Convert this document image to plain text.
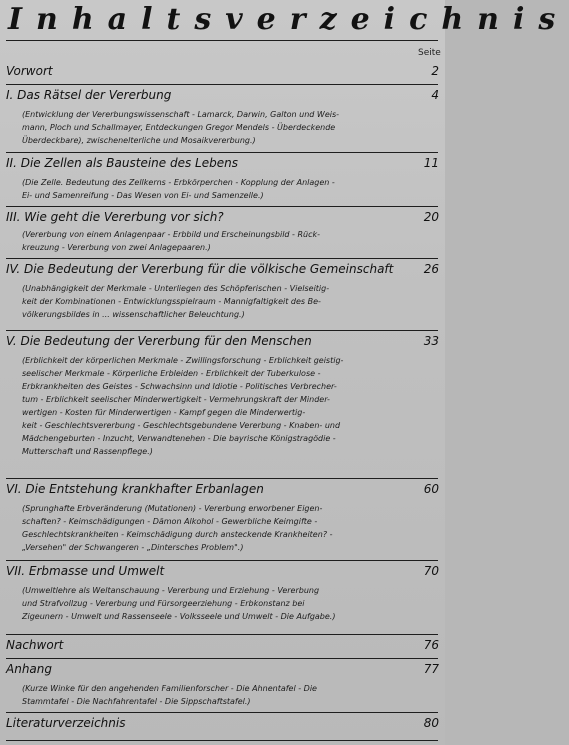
Inhaltsverzeichnis
Seite
Vorwort	2
I. Das Rätsel der Vererbung	4
(Entwicklung der Vererbungswissenschaft - Lamarck, Darwin, Galton und Weis-
mann, Ploch und Schallmayer, Entdeckungen Gregor Mendels - Überdeckende
Überdeckbare), zwischenelterliche und Mosaikvererbung.)
II. Die Zellen als Bausteine des Lebens	11
(Die Zelle. Bedeutung des Zellkerns - Erbkörperchen - Kopplung der Anlagen -
Ei- und Samenreifung - Das Wesen von Ei- und Samenzelle.)
III. Wie geht die Vererbung vor sich?	20
(Vererbung von einem Anlagenpaar - Erbbild und Erscheinungsbild - Rück-
kreuzung - Vererbung von zwei Anlagepaaren.)
IV. Die Bedeutung der Vererbung für die völkische Gemeinschaft	26
(Unabhängigkeit der Merkmale - Unterliegen des Schöpferischen - Vielseitig-
keit der Kombinationen - Entwicklungsspielraum - Mannigfaltigkeit des Be-
völkerungsbildes in ... wissenschaftlicher Beleuchtung.)
V. Die Bedeutung der Vererbung für den Menschen	33
(Erblichkeit der körperlichen Merkmale - Zwillingsforschung - Erblichkeit geistig-
seelischer Merkmale - Körperliche Erbleiden - Erblichkeit der Tuberkulose -
Erbkrankheiten des Geistes - Schwachsinn und Idiotie - Politisches Verbrecher-
tum - Erblichkeit seelischer Minderwertigkeit - Vermehrungskraft der Minder-
wertigen - Kosten für Minderwertigen - Kampf gegen die Minderwertig-
keit - Geschlechtsvererbung - Geschlechtsgebundene Vererbung - Knaben- und
Mädchengeburten - Inzucht, Verwandtenehen - Die bayrische Königstragödie -
Mutterschaft und Rassenpflege.)
VI. Die Entstehung krankhafter Erbanlagen	60
(Sprunghafte Erbveränderung (Mutationen) - Vererbung erworbener Eigen-
schaften? - Keimschädigungen - Dämon Alkohol - Gewerbliche Keimgifte -
Geschlechtskrankheiten - Keimschädigung durch ansteckende Krankheiten? -
„Versehen" der Schwangeren - „Dintersches Problem".)
VII. Erbmasse und Umwelt	70
(Umweltlehre als Weltanschauung - Vererbung und Erziehung - Vererbung
und Strafvollzug - Vererbung und Fürsorgeerziehung - Erbkonstanz bei
Zigeunern - Umwelt und Rassenseele - Volksseele und Umwelt - Die Aufgabe.)
Nachwort	76
Anhang	77
(Kurze Winke für den angehenden Familienforscher - Die Ahnentafel - Die
Stammtafel - Die Nachfahrentafel - Die Sippschaftstafel.)
Literaturverzeichnis	80
